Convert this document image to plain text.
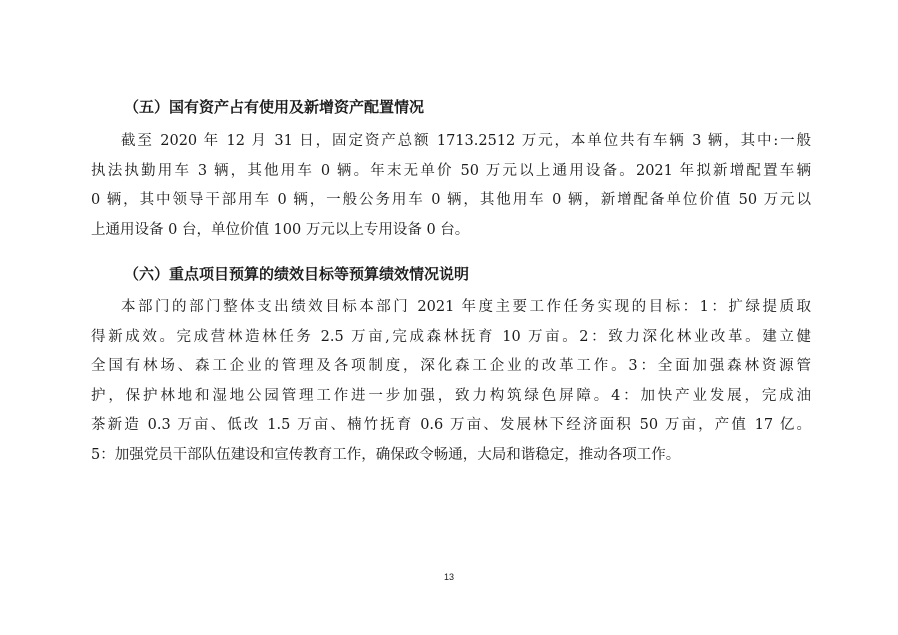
（五）国有资产占有使用及新增资产配置情况
截至 2020 年 12 月 31 日，固定资产总额 1713.2512 万元，本单位共有车辆 3 辆，其中:一般
执法执勤用车 3 辆，其他用车 0 辆。年末无单价 50 万元以上通用设备。2021 年拟新增配置车辆
0 辆，其中领导干部用车 0 辆，一般公务用车 0 辆，其他用车 0 辆，新增配备单位价值 50 万元以
上通用设备 0 台，单位价值 100 万元以上专用设备 0 台。
（六）重点项目预算的绩效目标等预算绩效情况说明
本部门的部门整体支出绩效目标本部门 2021 年度主要工作任务实现的目标：1：扩绿提质取
得新成效。完成营林造林任务 2.5 万亩,完成森林抚育 10 万亩。2：致力深化林业改革。建立健
全国有林场、森工企业的管理及各项制度，深化森工企业的改革工作。3：全面加强森林资源管
护，保护林地和湿地公园管理工作进一步加强，致力构筑绿色屏障。4：加快产业发展，完成油
茶新造 0.3 万亩、低改 1.5 万亩、楠竹抚育 0.6 万亩、发展林下经济面积 50 万亩，产值 17 亿。
5：加强党员干部队伍建设和宣传教育工作，确保政令畅通，大局和谐稳定，推动各项工作。
13
